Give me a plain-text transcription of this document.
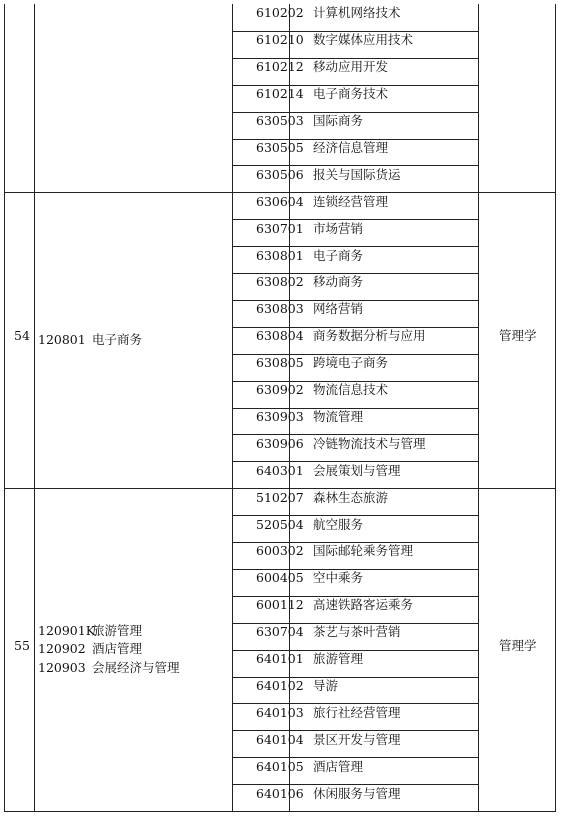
610202 计算机网络技术
610210 数字媒体应用技术
610212 移动应用开发
610214 电子商务技术
630503 国际商务
630505 经济信息管理
630506 报关与国际货运
630604 连锁经营管理
630701 市场营销
630801 电子商务
630802 移动商务
630803 网络营销
630804 商务数据分析与应用
630805 跨境电子商务
630902 物流信息技术
630903 物流管理
630906 冷链物流技术与管理
640301 会展策划与管理
54	管理学
120801 电子商务
510207 森林生态旅游
520504 航空服务
600302 国际邮轮乘务管理
600405 空中乘务
600112 高速铁路客运乘务
630704 茶艺与茶叶营销
640101 旅游管理
640102 导游
640103 旅行社经营管理
640104 景区开发与管理
640105 酒店管理
640106 休闲服务与管理
55	管理学
120901K旅游管理
120902 酒店管理
120903 会展经济与管理
